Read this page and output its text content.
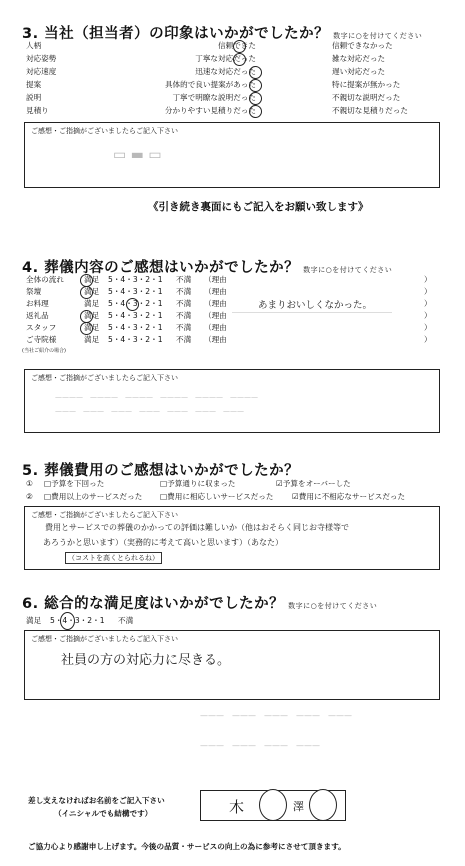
3. 当社（担当者）の印象はいかがでしたか？ 数字に○を付けてください
人柄	信頼できた	信頼できなかった
対応姿勢	丁寧な対応だった	雑な対応だった
対応速度	迅速な対応だった	遅い対応だった
提案	具体的で良い提案があった	特に提案が無かった
説明	丁寧で明瞭な説明だった	不親切な説明だった
見積り	分かりやすい見積りだった	不親切な見積りだった
ご感想・ご指摘がございましたらご記入下さい
▭ ▬ ▭
《引き続き裏面にもご記入をお願い致します》
4. 葬儀内容のご感想はいかがでしたか？ 数字に○を付けてください
全体の流れ	満足 5・4・3・2・1 不満 （理由	）
祭壇	満足 5・4・3・2・1 不満 （理由	）
お料理	満足 5・4・3・2・1 不満 （理由	あまりおいしくなかった。	）
返礼品	満足 5・4・3・2・1 不満 （理由	）
スタッフ	満足 5・4・3・2・1 不満 （理由	）
ご寺院様	満足 5・4・3・2・1 不満 （理由	）
(当社ご紹介の場合)
ご感想・ご指摘がございましたらご記入下さい
————　————　————　————　————　————
———　———　———　———　———　———　———
5. 葬儀費用のご感想はいかがでしたか？
① □予算を下回った	□予算通りに収まった	☑予算をオーバーした
② □費用以上のサービスだった □費用に相応しいサービスだった ☑費用に不相応なサービスだった
ご感想・ご指摘がございましたらご記入下さい
費用とサービスでの葬儀のかかっての評価は難しいか（他はおそらく同じお寺様等で
あろうかと思います）（実務的に考えて高いと思います）（あなた）
（コストを高くとられるね）
6. 総合的な満足度はいかがでしたか？ 数字に○を付けてください
満足 5・4・3・2・1 不満
ご感想・ご指摘がございましたらご記入下さい
社員の方の対応力に尽きる。
———　———　———　———　———
———　———　———　———
差し支えなければお名前をご記入下さい
（イニシャルでも結構です）	木	澤
ご協力心より感謝申し上げます。今後の品質・サービスの向上の為に参考にさせて頂きます。
